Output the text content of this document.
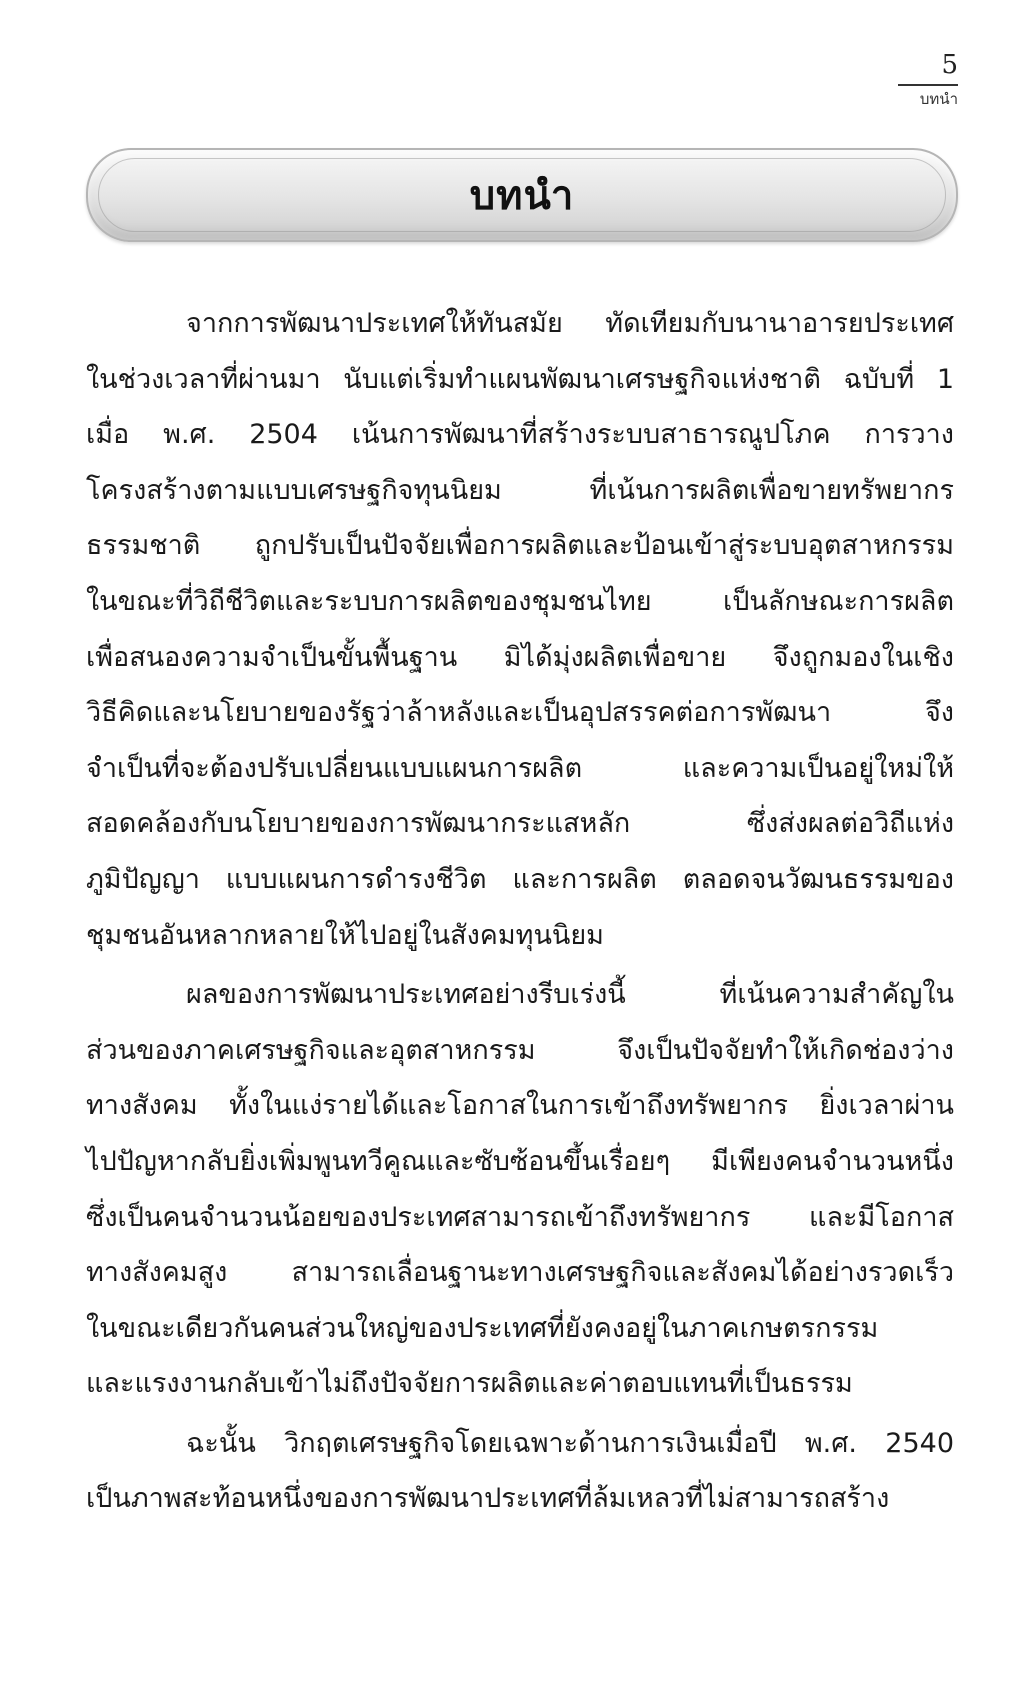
5
บทนำ
บทนำ
จากการพัฒนาประเทศให้ทันสมัย ทัดเทียมกับนานาอารยประเทศ
ในช่วงเวลาที่ผ่านมา นับแต่เริ่มทำแผนพัฒนาเศรษฐกิจแห่งชาติ ฉบับที่ 1
เมื่อ พ.ศ. 2504 เน้นการพัฒนาที่สร้างระบบสาธารณูปโภค การวาง
โครงสร้างตามแบบเศรษฐกิจทุนนิยม ที่เน้นการผลิตเพื่อขายทรัพยากร
ธรรมชาติ ถูกปรับเป็นปัจจัยเพื่อการผลิตและป้อนเข้าสู่ระบบอุตสาหกรรม
ในขณะที่วิถีชีวิตและระบบการผลิตของชุมชนไทย เป็นลักษณะการผลิต
เพื่อสนองความจำเป็นขั้นพื้นฐาน มิได้มุ่งผลิตเพื่อขาย จึงถูกมองในเชิง
วิธีคิดและนโยบายของรัฐว่าล้าหลังและเป็นอุปสรรคต่อการพัฒนา จึง
จำเป็นที่จะต้องปรับเปลี่ยนแบบแผนการผลิต และความเป็นอยู่ใหม่ให้
สอดคล้องกับนโยบายของการพัฒนากระแสหลัก ซึ่งส่งผลต่อวิถีแห่ง
ภูมิปัญญา แบบแผนการดำรงชีวิต และการผลิต ตลอดจนวัฒนธรรมของ
ชุมชนอันหลากหลายให้ไปอยู่ในสังคมทุนนิยม
ผลของการพัฒนาประเทศอย่างรีบเร่งนี้ ที่เน้นความสำคัญใน
ส่วนของภาคเศรษฐกิจและอุตสาหกรรม จึงเป็นปัจจัยทำให้เกิดช่องว่าง
ทางสังคม ทั้งในแง่รายได้และโอกาสในการเข้าถึงทรัพยากร ยิ่งเวลาผ่าน
ไปปัญหากลับยิ่งเพิ่มพูนทวีคูณและซับซ้อนขึ้นเรื่อยๆ มีเพียงคนจำนวนหนึ่ง
ซึ่งเป็นคนจำนวนน้อยของประเทศสามารถเข้าถึงทรัพยากร และมีโอกาส
ทางสังคมสูง สามารถเลื่อนฐานะทางเศรษฐกิจและสังคมได้อย่างรวดเร็ว
ในขณะเดียวกันคนส่วนใหญ่ของประเทศที่ยังคงอยู่ในภาคเกษตรกรรม
และแรงงานกลับเข้าไม่ถึงปัจจัยการผลิตและค่าตอบแทนที่เป็นธรรม
ฉะนั้น วิกฤตเศรษฐกิจโดยเฉพาะด้านการเงินเมื่อปี พ.ศ. 2540
เป็นภาพสะท้อนหนึ่งของการพัฒนาประเทศที่ล้มเหลวที่ไม่สามารถสร้าง
